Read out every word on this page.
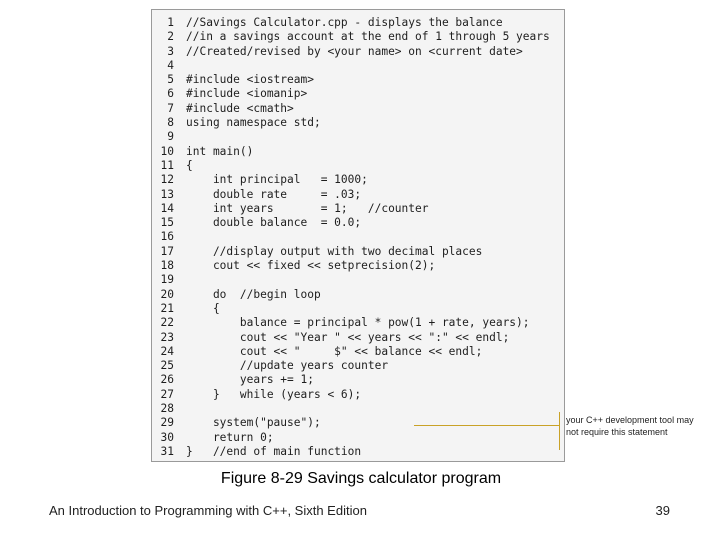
1 //Savings Calculator.cpp - displays the balance
2 //in a savings account at the end of 1 through 5 years
3 //Created/revised by <your name> on <current date>
4
5 #include <iostream>
6 #include <iomanip>
7 #include <cmath>
8 using namespace std;
9
10 int main()
11 {
12    int principal   = 1000;
13    double rate     = .03;
14    int years       = 1;   //counter
15    double balance  = 0.0;
16
17    //display output with two decimal places
18    cout << fixed << setprecision(2);
19
20    do  //begin loop
21    {
22        balance = principal * pow(1 + rate, years);
23        cout << "Year " << years << ":" << endl;
24        cout << "     $" << balance << endl;
25        //update years counter
26        years += 1;
27    }   while (years < 6);
28
29    system("pause");
30    return 0;
31 }   //end of main function
your C++ development tool may
not require this statement
Figure 8-29 Savings calculator program
An Introduction to Programming with C++, Sixth Edition	39
